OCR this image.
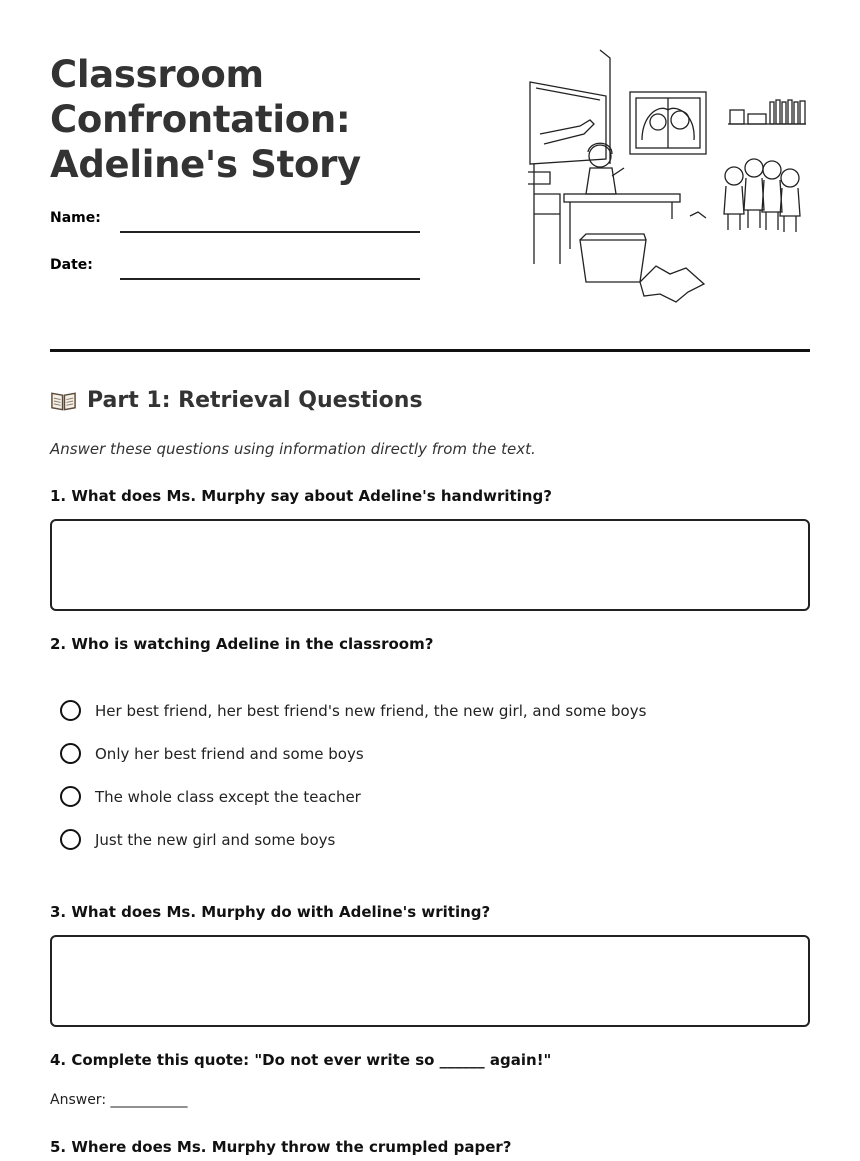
Classroom Confrontation: Adeline's Story
Name:
Date:
Part 1: Retrieval Questions
Answer these questions using information directly from the text.
1. What does Ms. Murphy say about Adeline's handwriting?
2. Who is watching Adeline in the classroom?
Her best friend, her best friend's new friend, the new girl, and some boys
Only her best friend and some boys
The whole class except the teacher
Just the new girl and some boys
3. What does Ms. Murphy do with Adeline's writing?
4. Complete this quote: "Do not ever write so ______ again!"
Answer: ___________
5. Where does Ms. Murphy throw the crumpled paper?
